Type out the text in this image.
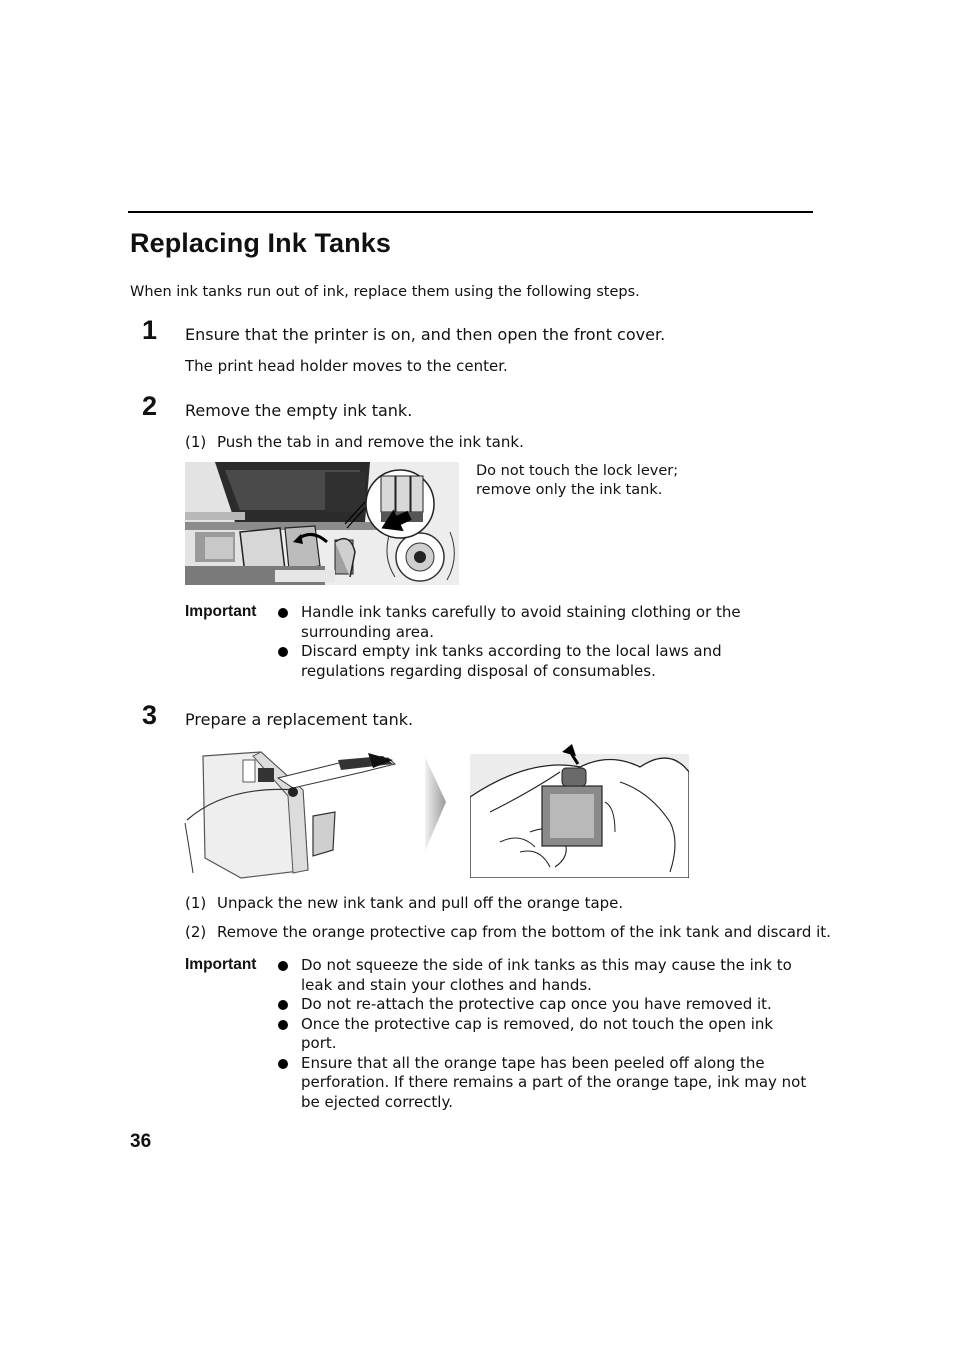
Replacing Ink Tanks
When ink tanks run out of ink, replace them using the following steps.
1 Ensure that the printer is on, and then open the front cover.
The print head holder moves to the center.
2 Remove the empty ink tank.
(1) Push the tab in and remove the ink tank.
Do not touch the lock lever; remove only the ink tank.
Important	Handle ink tanks carefully to avoid staining clothing or the surrounding area.
Discard empty ink tanks according to the local laws and regulations regarding disposal of consumables.
3 Prepare a replacement tank.
(1) Unpack the new ink tank and pull off the orange tape.
(2) Remove the orange protective cap from the bottom of the ink tank and discard it.
Important	Do not squeeze the side of ink tanks as this may cause the ink to leak and stain your clothes and hands.
Do not re-attach the protective cap once you have removed it.
Once the protective cap is removed, do not touch the open ink port.
Ensure that all the orange tape has been peeled off along the perforation. If there remains a part of the orange tape, ink may not be ejected correctly.
36
